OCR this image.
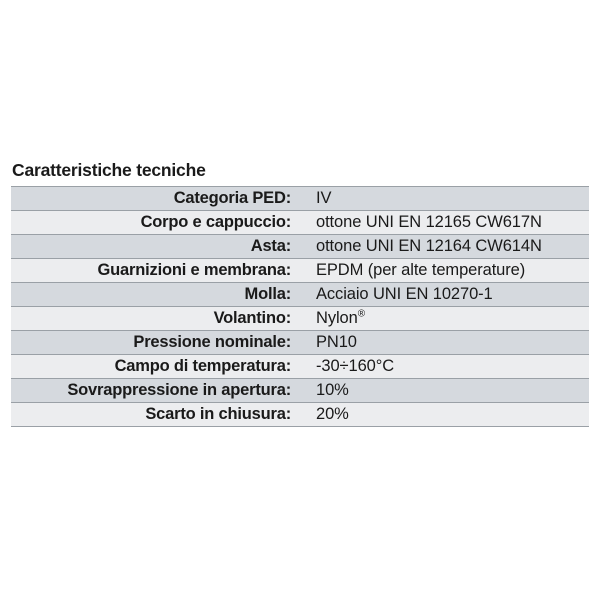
Caratteristiche tecniche
Categoria PED:	IV
Corpo e cappuccio:	ottone UNI EN 12165 CW617N
Asta:	ottone UNI EN 12164 CW614N
Guarnizioni e membrana:	EPDM (per alte temperature)
Molla:	Acciaio UNI EN 10270-1
Volantino:	Nylon®
Pressione nominale:	PN10
Campo di temperatura:	-30÷160°C
Sovrappressione in apertura:	10%
Scarto in chiusura:	20%
